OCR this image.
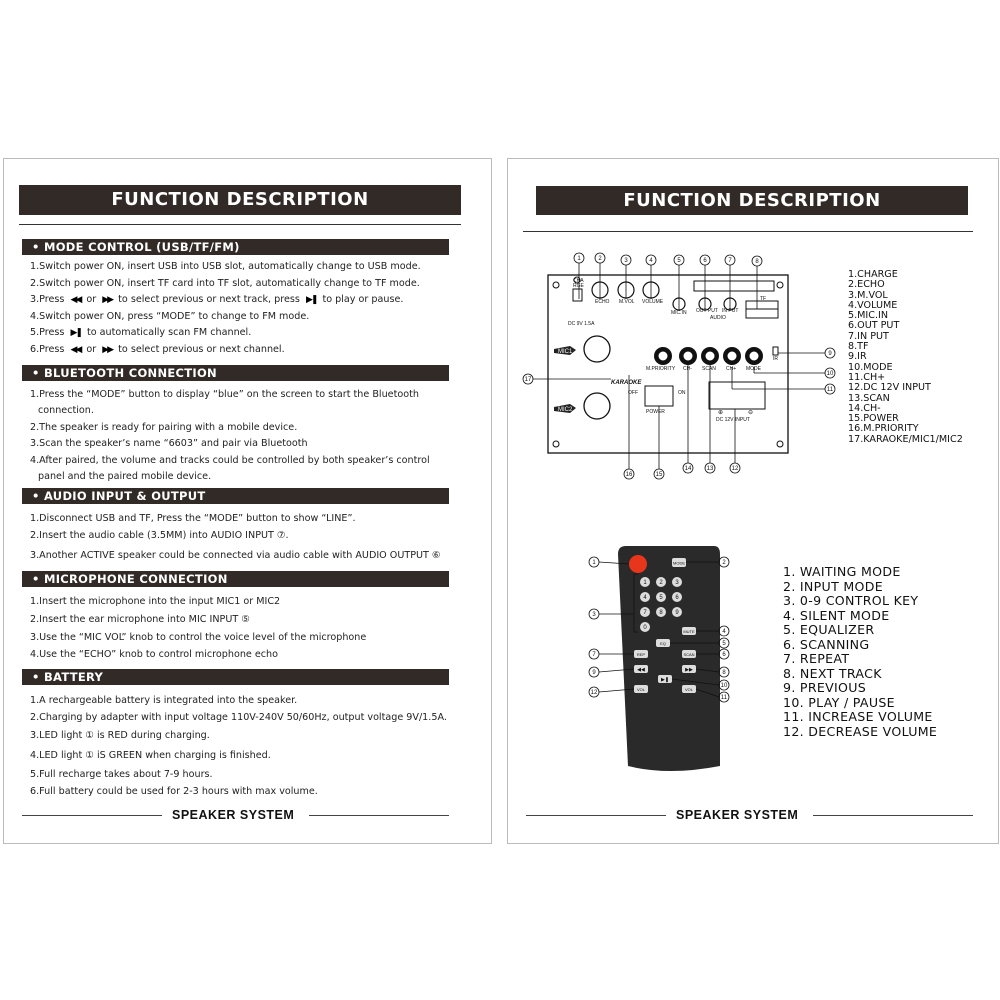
FUNCTION DESCRIPTION
• MODE CONTROL (USB/TF/FM)
1.Switch power ON, insert USB into USB slot, automatically change to USB mode.
2.Switch power ON, insert TF card into TF slot, automatically change to TF mode.
3.Press ◀◀ or ▶▶ to select previous or next track, press ▶❚ to play or pause.
4.Switch power ON, press “MODE” to change to FM mode.
5.Press ▶❚ to automatically scan FM channel.
6.Press ◀◀ or ▶▶ to select previous or next channel.
• BLUETOOTH CONNECTION
1.Press the “MODE” button to display “blue” on the screen to start the Bluetooth
connection.
2.The speaker is ready for pairing with a mobile device.
3.Scan the speaker’s name “6603” and pair via Bluetooth
4.After paired, the volume and tracks could be controlled by both speaker’s control
panel and the paired mobile device.
• AUDIO INPUT & OUTPUT
1.Disconnect USB and TF, Press the “MODE” button to show “LINE”.
2.Insert the audio cable (3.5MM) into AUDIO INPUT ⑦.
3.Another ACTIVE speaker could be connected via audio cable with AUDIO OUTPUT ⑥
• MICROPHONE CONNECTION
1.Insert the microphone into the input MIC1 or MIC2
2.Insert the ear microphone into MIC INPUT ⑤
3.Use the “MIC VOL” knob to control the voice level of the microphone
4.Use the “ECHO” knob to control microphone echo
• BATTERY
1.A rechargeable battery is integrated into the speaker.
2.Charging by adapter with input voltage 110V-240V 50/60Hz, output voltage 9V/1.5A.
3.LED light ① is RED during charging.
4.LED light ① iS GREEN when charging is finished.
5.Full recharge takes about 7-9 hours.
6.Full battery could be used for 2-3 hours with max volume.
SPEAKER SYSTEM
FUNCTION DESCRIPTION
1	2	3	4	5	6	7	8
CHA
RGE
ECHO M.VOL VOLUME
MIC.IN OUT PUT IN PUT
AUDIO
TF
DC 9V 1.5A
IR
M.PRIORITY CH- SCAN CH+ MODE
OFF	ON
POWER
DC 12V INPUT
⊕	⊖
MIC1
MIC2
KARAOKE
9
10
11
17
16	15
14	13	12
1.CHARGE
2.ECHO
3.M.VOL
4.VOLUME
5.MIC.IN
6.OUT PUT
7.IN PUT
8.TF
9.IR
10.MODE
11.CH+
12.DC 12V INPUT
13.SCAN
14.CH-
15.POWER
16.M.PRIORITY
17.KARAOKE/MIC1/MIC2
MODE
1 2 3
4 5 6
7 8 9
0
MUTE
EQ
REP	SCAN
◀◀	▶▶
▶❚
VOL	VOL
1	2
3
4
5
6
7
9	8
10
12
11
1. WAITING MODE
2. INPUT MODE
3. 0-9 CONTROL KEY
4. SILENT MODE
5. EQUALIZER
6. SCANNING
7. REPEAT
8. NEXT TRACK
9. PREVIOUS
10. PLAY / PAUSE
11. INCREASE VOLUME
12. DECREASE VOLUME
SPEAKER SYSTEM
